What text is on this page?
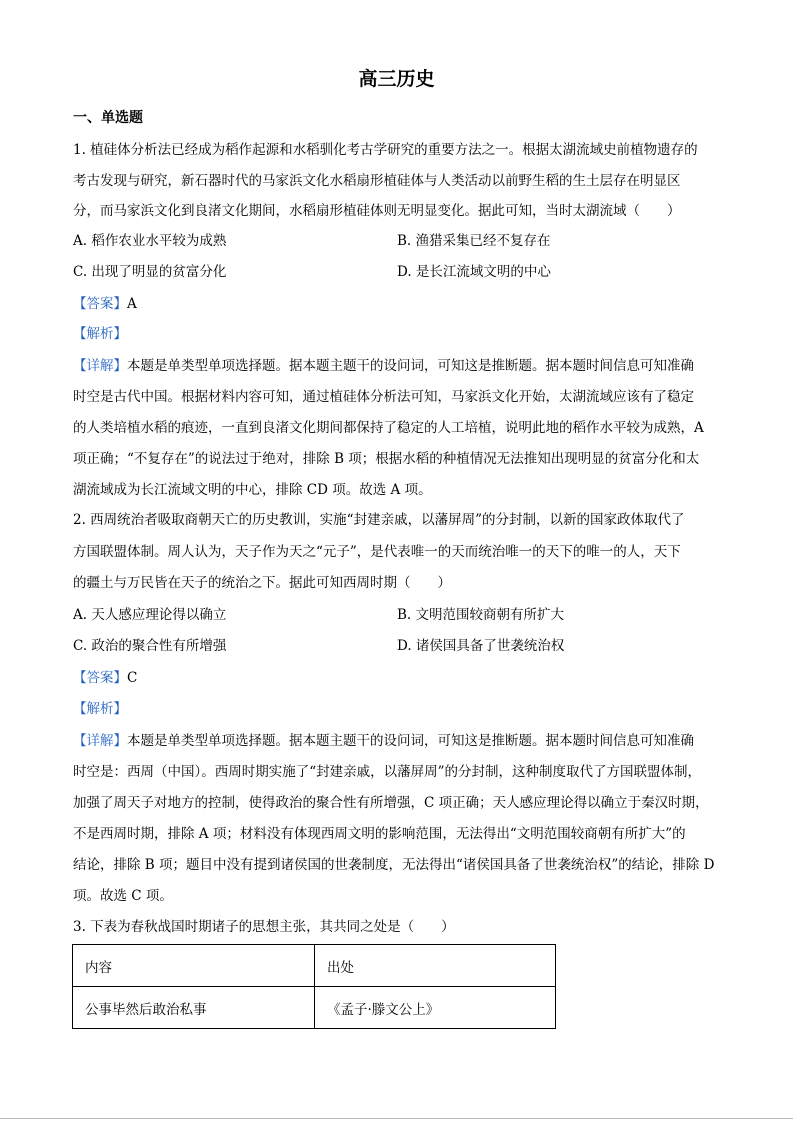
高三历史
一、单选题
1. 植硅体分析法已经成为稻作起源和水稻驯化考古学研究的重要方法之一。根据太湖流域史前植物遗存的
考古发现与研究，新石器时代的马家浜文化水稻扇形植硅体与人类活动以前野生稻的生土层存在明显区
分，而马家浜文化到良渚文化期间，水稻扇形植硅体则无明显变化。据此可知，当时太湖流域（　　）
A. 稻作农业水平较为成熟	B. 渔猎采集已经不复存在
C. 出现了明显的贫富分化	D. 是长江流域文明的中心
【答案】A
【解析】
【详解】本题是单类型单项选择题。据本题主题干的设问词，可知这是推断题。据本题时间信息可知准确
时空是古代中国。根据材料内容可知，通过植硅体分析法可知，马家浜文化开始，太湖流域应该有了稳定
的人类培植水稻的痕迹，一直到良渚文化期间都保持了稳定的人工培植，说明此地的稻作水平较为成熟，A
项正确；“不复存在”的说法过于绝对，排除 B 项；根据水稻的种植情况无法推知出现明显的贫富分化和太
湖流域成为长江流域文明的中心，排除 CD 项。故选 A 项。
2. 西周统治者吸取商朝天亡的历史教训，实施“封建亲戚，以藩屏周”的分封制，以新的国家政体取代了
方国联盟体制。周人认为，天子作为天之“元子”，是代表唯一的天而统治唯一的天下的唯一的人，天下
的疆土与万民皆在天子的统治之下。据此可知西周时期（　　）
A. 天人感应理论得以确立	B. 文明范围较商朝有所扩大
C. 政治的聚合性有所增强	D. 诸侯国具备了世袭统治权
【答案】C
【解析】
【详解】本题是单类型单项选择题。据本题主题干的设问词，可知这是推断题。据本题时间信息可知准确
时空是：西周（中国）。西周时期实施了“封建亲戚，以藩屏周”的分封制，这种制度取代了方国联盟体制，
加强了周天子对地方的控制，使得政治的聚合性有所增强，C 项正确；天人感应理论得以确立于秦汉时期，
不是西周时期，排除 A 项；材料没有体现西周文明的影响范围，无法得出“文明范围较商朝有所扩大”的
结论，排除 B 项；题目中没有提到诸侯国的世袭制度，无法得出“诸侯国具备了世袭统治权”的结论，排除 D
项。故选 C 项。
3. 下表为春秋战国时期诸子的思想主张，其共同之处是（　　）
内容	出处
公事毕然后敢治私事	《孟子·滕文公上》
